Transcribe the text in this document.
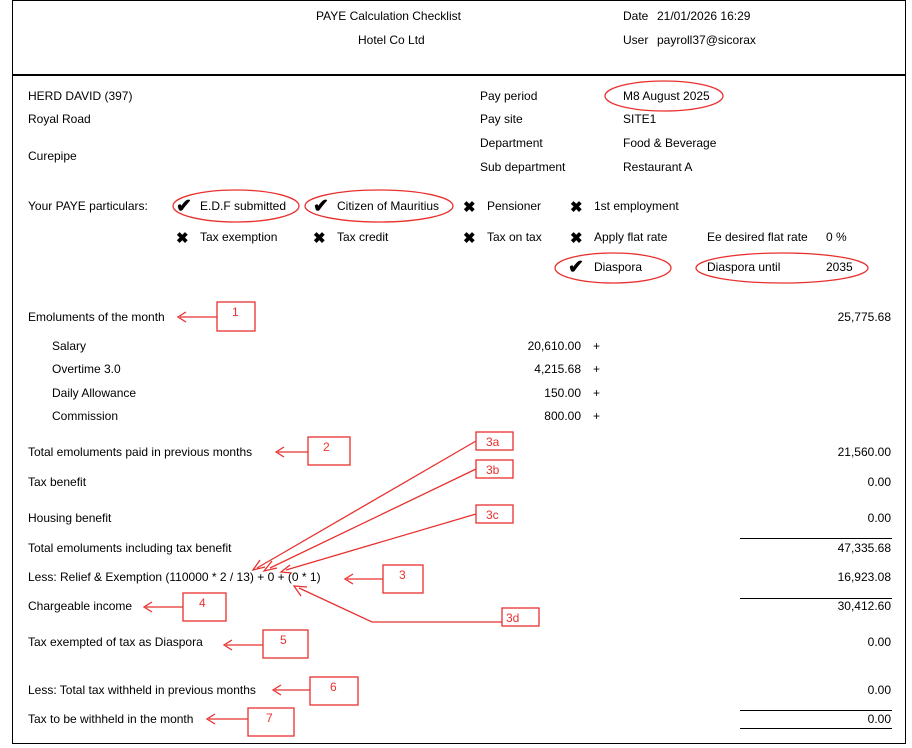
PAYE Calculation Checklist
Hotel Co Ltd
Date 21/01/2026 16:29
User payroll37@sicorax
HERD DAVID (397)
Royal Road
Curepipe
Pay period	M8 August 2025
Pay site	SITE1
Department	Food & Beverage
Sub department	Restaurant A
Your PAYE particulars: ✔ E.D.F submitted ✔ Citizen of Mauritius ✖ Pensioner ✖ 1st employment
✖ Tax exemption ✖ Tax credit	✖ Tax on tax ✖ Apply flat rate	Ee desired flat rate 0 %
✔ Diaspora	Diaspora until	2035
Emoluments of the month	25,775.68
Salary	20,610.00 +
Overtime 3.0	4,215.68 +
Daily Allowance	150.00 +
Commission	800.00 +
Total emoluments paid in previous months	21,560.00
Tax benefit	0.00
Housing benefit	0.00
Total emoluments including tax benefit	47,335.68
Less: Relief & Exemption (110000 * 2 / 13) + 0 + (0 * 1)	16,923.08
Chargeable income	30,412.60
Tax exempted of tax as Diaspora	0.00
Less: Total tax withheld in previous months	0.00
Tax to be withheld in the month	0.00
1
2	3a
3b
3c
3
4
3d
5
6
7
